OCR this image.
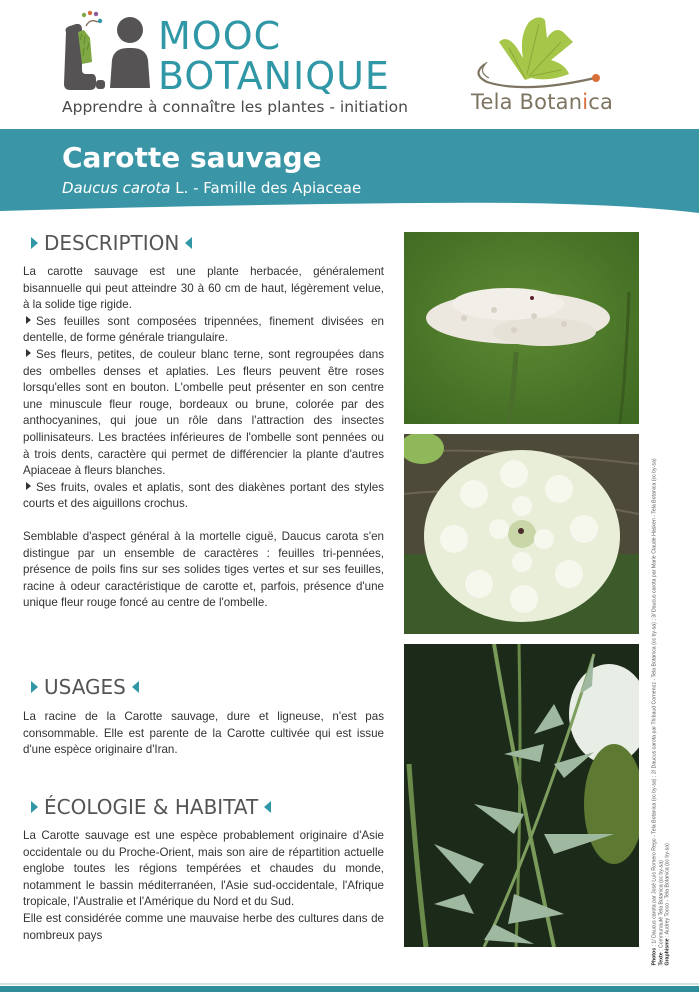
MOOC
BOTANIQUE
Apprendre à connaître les plantes - initiation	Tela Botanica
Carotte sauvage
Daucus carota L. - Famille des Apiaceae
DESCRIPTION

La carotte sauvage est une plante herbacée, généralement bisannuelle qui peut atteindre 30 à 60 cm de haut, légèrement velue, à la solide tige rigide.

Ses feuilles sont composées tripennées, finement divisées en dentelle, de forme générale triangulaire.

Ses fleurs, petites, de couleur blanc terne, sont regroupées dans des ombelles denses et aplaties. Les fleurs peuvent être roses lorsqu'elles sont en bouton. L'ombelle peut présenter en son centre une minuscule fleur rouge, bordeaux ou brune, colorée par des anthocyanines, qui joue un rôle dans l'attraction des insectes pollinisateurs. Les bractées inférieures de l'ombelle sont pennées ou à trois dents, caractère qui permet de différencier la plante d'autres Apiaceae à fleurs blanches.

Ses fruits, ovales et aplatis, sont des diakènes portant des styles courts et des aiguillons crochus.

Semblable d'aspect général à la mortelle ciguë, Daucus carota s'en distingue par un ensemble de caractères : feuilles tri-pennées, présence de poils fins sur ses solides tiges vertes et sur ses feuilles, racine à odeur caractéristique de carotte et, parfois, présence d'une unique fleur rouge foncé au centre de l'ombelle.

USAGES

La racine de la Carotte sauvage, dure et ligneuse, n'est pas consommable. Elle est parente de la Carotte cultivée qui est issue d'une espèce originaire d'Iran.

ÉCOLOGIE & HABITAT

La Carotte sauvage est une espèce probablement originaire d'Asie occidentale ou du Proche-Orient, mais son aire de répartition actuelle englobe toutes les régions tempérées et chaudes du monde, notamment le bassin méditerranéen, l'Asie sud-occidentale, l'Afrique tropicale, l'Australie et l'Amérique du Nord et du Sud.

Elle est considérée comme une mauvaise herbe des cultures dans de nombreux pays

Photos : 1/ Daucus carota par José Luis Romero Rego - Tela Botanica (cc by-sa) ; 2/ Daucus carota par Thibaud Cornenoz - Tela Botanica (cc by-sa) ; 3/ Daucus carota par Marie Claude Hasken - Tela Botanica (cc by-sa)
Texte : Communauté Tela Botanica (cc by-sa) Graphisme : Audrey Tocco - Tela Botanica (cc by-sa)
